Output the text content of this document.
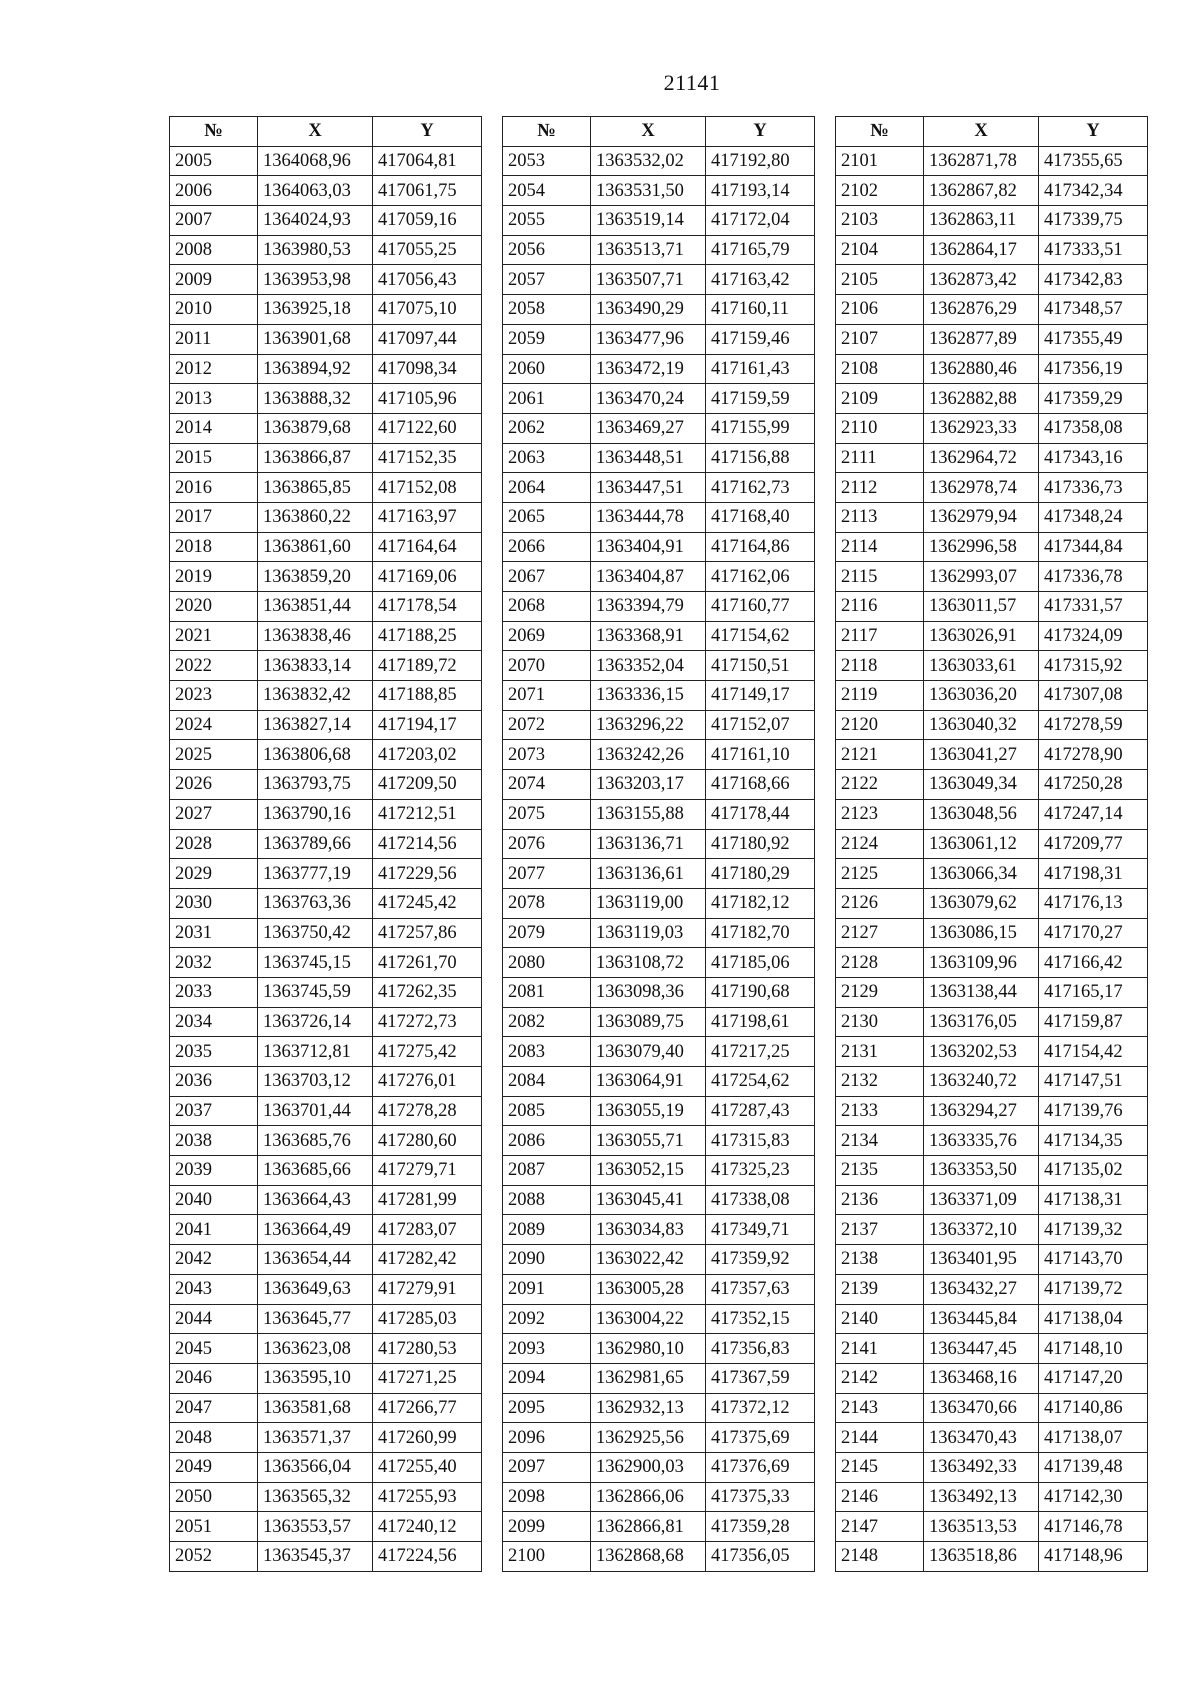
21141
№	X	Y
2005	1364068,96	417064,81
2006	1364063,03	417061,75
2007	1364024,93	417059,16
2008	1363980,53	417055,25
2009	1363953,98	417056,43
2010	1363925,18	417075,10
2011	1363901,68	417097,44
2012	1363894,92	417098,34
2013	1363888,32	417105,96
2014	1363879,68	417122,60
2015	1363866,87	417152,35
2016	1363865,85	417152,08
2017	1363860,22	417163,97
2018	1363861,60	417164,64
2019	1363859,20	417169,06
2020	1363851,44	417178,54
2021	1363838,46	417188,25
2022	1363833,14	417189,72
2023	1363832,42	417188,85
2024	1363827,14	417194,17
2025	1363806,68	417203,02
2026	1363793,75	417209,50
2027	1363790,16	417212,51
2028	1363789,66	417214,56
2029	1363777,19	417229,56
2030	1363763,36	417245,42
2031	1363750,42	417257,86
2032	1363745,15	417261,70
2033	1363745,59	417262,35
2034	1363726,14	417272,73
2035	1363712,81	417275,42
2036	1363703,12	417276,01
2037	1363701,44	417278,28
2038	1363685,76	417280,60
2039	1363685,66	417279,71
2040	1363664,43	417281,99
2041	1363664,49	417283,07
2042	1363654,44	417282,42
2043	1363649,63	417279,91
2044	1363645,77	417285,03
2045	1363623,08	417280,53
2046	1363595,10	417271,25
2047	1363581,68	417266,77
2048	1363571,37	417260,99
2049	1363566,04	417255,40
2050	1363565,32	417255,93
2051	1363553,57	417240,12
2052	1363545,37	417224,56
№	X	Y
2053	1363532,02	417192,80
2054	1363531,50	417193,14
2055	1363519,14	417172,04
2056	1363513,71	417165,79
2057	1363507,71	417163,42
2058	1363490,29	417160,11
2059	1363477,96	417159,46
2060	1363472,19	417161,43
2061	1363470,24	417159,59
2062	1363469,27	417155,99
2063	1363448,51	417156,88
2064	1363447,51	417162,73
2065	1363444,78	417168,40
2066	1363404,91	417164,86
2067	1363404,87	417162,06
2068	1363394,79	417160,77
2069	1363368,91	417154,62
2070	1363352,04	417150,51
2071	1363336,15	417149,17
2072	1363296,22	417152,07
2073	1363242,26	417161,10
2074	1363203,17	417168,66
2075	1363155,88	417178,44
2076	1363136,71	417180,92
2077	1363136,61	417180,29
2078	1363119,00	417182,12
2079	1363119,03	417182,70
2080	1363108,72	417185,06
2081	1363098,36	417190,68
2082	1363089,75	417198,61
2083	1363079,40	417217,25
2084	1363064,91	417254,62
2085	1363055,19	417287,43
2086	1363055,71	417315,83
2087	1363052,15	417325,23
2088	1363045,41	417338,08
2089	1363034,83	417349,71
2090	1363022,42	417359,92
2091	1363005,28	417357,63
2092	1363004,22	417352,15
2093	1362980,10	417356,83
2094	1362981,65	417367,59
2095	1362932,13	417372,12
2096	1362925,56	417375,69
2097	1362900,03	417376,69
2098	1362866,06	417375,33
2099	1362866,81	417359,28
2100	1362868,68	417356,05
№	X	Y
2101	1362871,78	417355,65
2102	1362867,82	417342,34
2103	1362863,11	417339,75
2104	1362864,17	417333,51
2105	1362873,42	417342,83
2106	1362876,29	417348,57
2107	1362877,89	417355,49
2108	1362880,46	417356,19
2109	1362882,88	417359,29
2110	1362923,33	417358,08
2111	1362964,72	417343,16
2112	1362978,74	417336,73
2113	1362979,94	417348,24
2114	1362996,58	417344,84
2115	1362993,07	417336,78
2116	1363011,57	417331,57
2117	1363026,91	417324,09
2118	1363033,61	417315,92
2119	1363036,20	417307,08
2120	1363040,32	417278,59
2121	1363041,27	417278,90
2122	1363049,34	417250,28
2123	1363048,56	417247,14
2124	1363061,12	417209,77
2125	1363066,34	417198,31
2126	1363079,62	417176,13
2127	1363086,15	417170,27
2128	1363109,96	417166,42
2129	1363138,44	417165,17
2130	1363176,05	417159,87
2131	1363202,53	417154,42
2132	1363240,72	417147,51
2133	1363294,27	417139,76
2134	1363335,76	417134,35
2135	1363353,50	417135,02
2136	1363371,09	417138,31
2137	1363372,10	417139,32
2138	1363401,95	417143,70
2139	1363432,27	417139,72
2140	1363445,84	417138,04
2141	1363447,45	417148,10
2142	1363468,16	417147,20
2143	1363470,66	417140,86
2144	1363470,43	417138,07
2145	1363492,33	417139,48
2146	1363492,13	417142,30
2147	1363513,53	417146,78
2148	1363518,86	417148,96
